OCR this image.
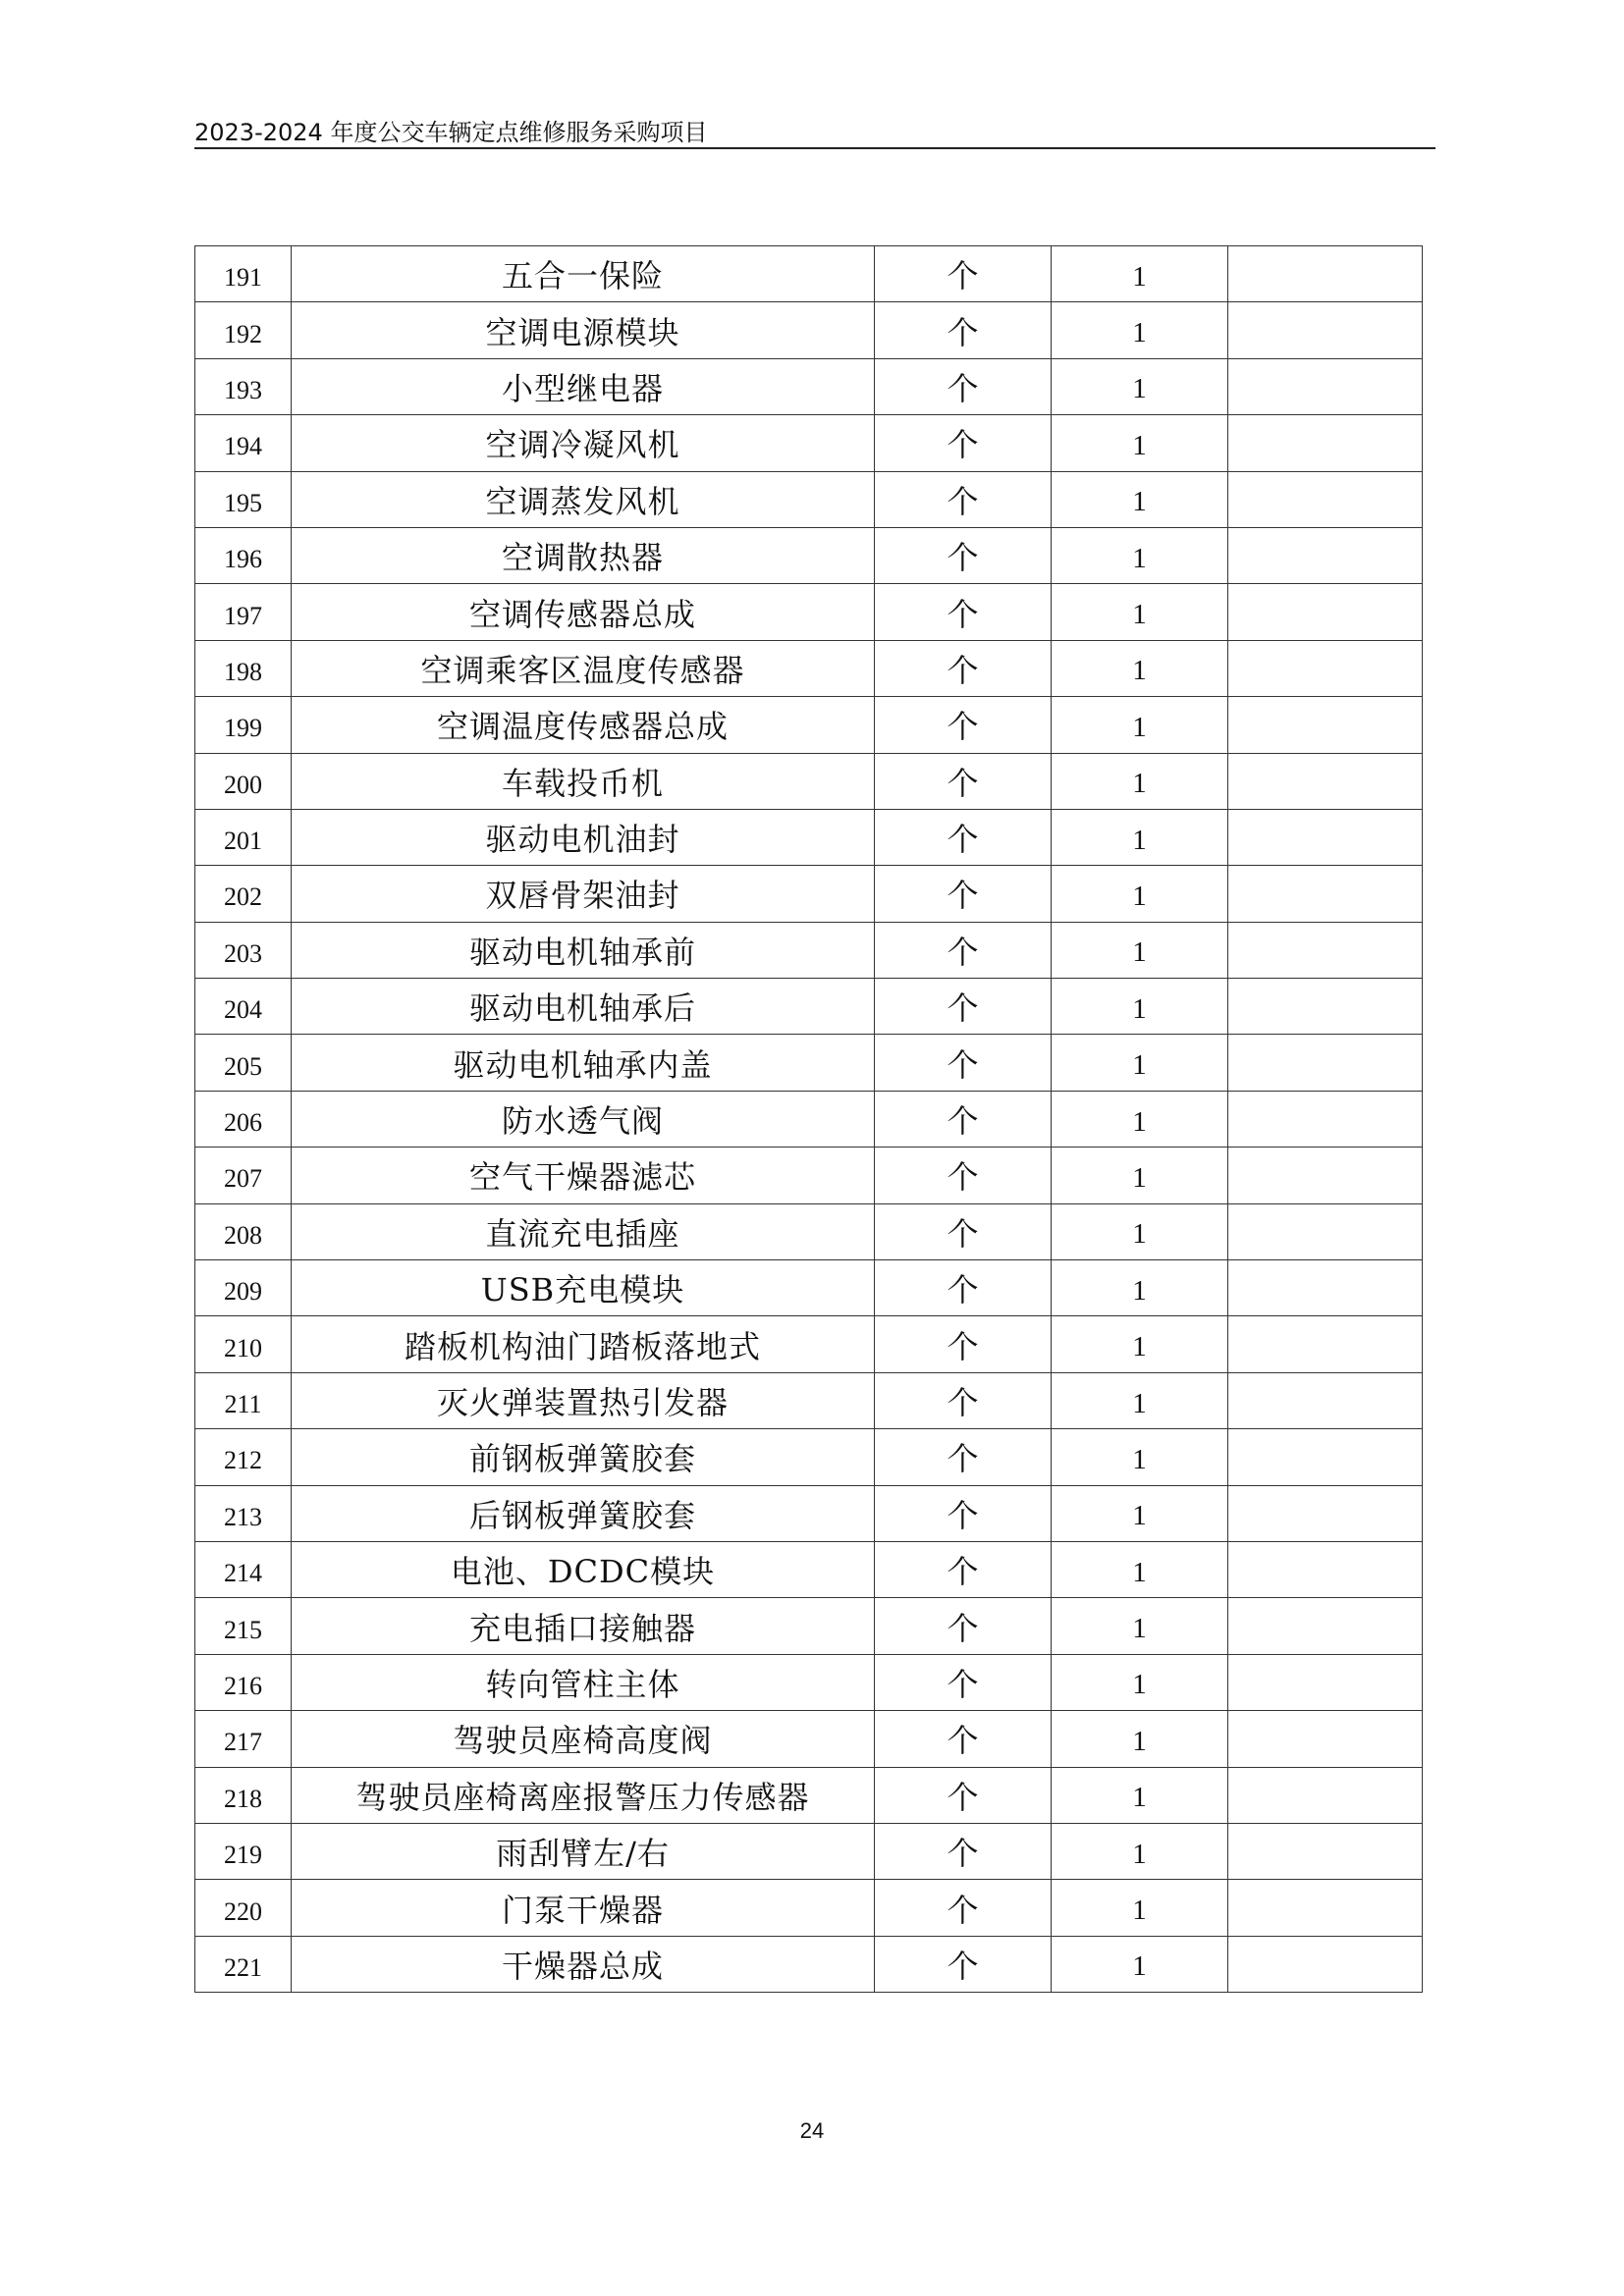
2023-2024 年度公交车辆定点维修服务采购项目
191	五合一保险	个	1	
192	空调电源模块	个	1	
193	小型继电器	个	1	
194	空调冷凝风机	个	1	
195	空调蒸发风机	个	1	
196	空调散热器	个	1	
197	空调传感器总成	个	1	
198	空调乘客区温度传感器	个	1	
199	空调温度传感器总成	个	1	
200	车载投币机	个	1	
201	驱动电机油封	个	1	
202	双唇骨架油封	个	1	
203	驱动电机轴承前	个	1	
204	驱动电机轴承后	个	1	
205	驱动电机轴承内盖	个	1	
206	防水透气阀	个	1	
207	空气干燥器滤芯	个	1	
208	直流充电插座	个	1	
209	USB充电模块	个	1	
210	踏板机构油门踏板落地式	个	1	
211	灭火弹装置热引发器	个	1	
212	前钢板弹簧胶套	个	1	
213	后钢板弹簧胶套	个	1	
214	电池、DCDC模块	个	1	
215	充电插口接触器	个	1	
216	转向管柱主体	个	1	
217	驾驶员座椅高度阀	个	1	
218	驾驶员座椅离座报警压力传感器	个	1	
219	雨刮臂左/右	个	1	
220	门泵干燥器	个	1	
221	干燥器总成	个	1	
24
